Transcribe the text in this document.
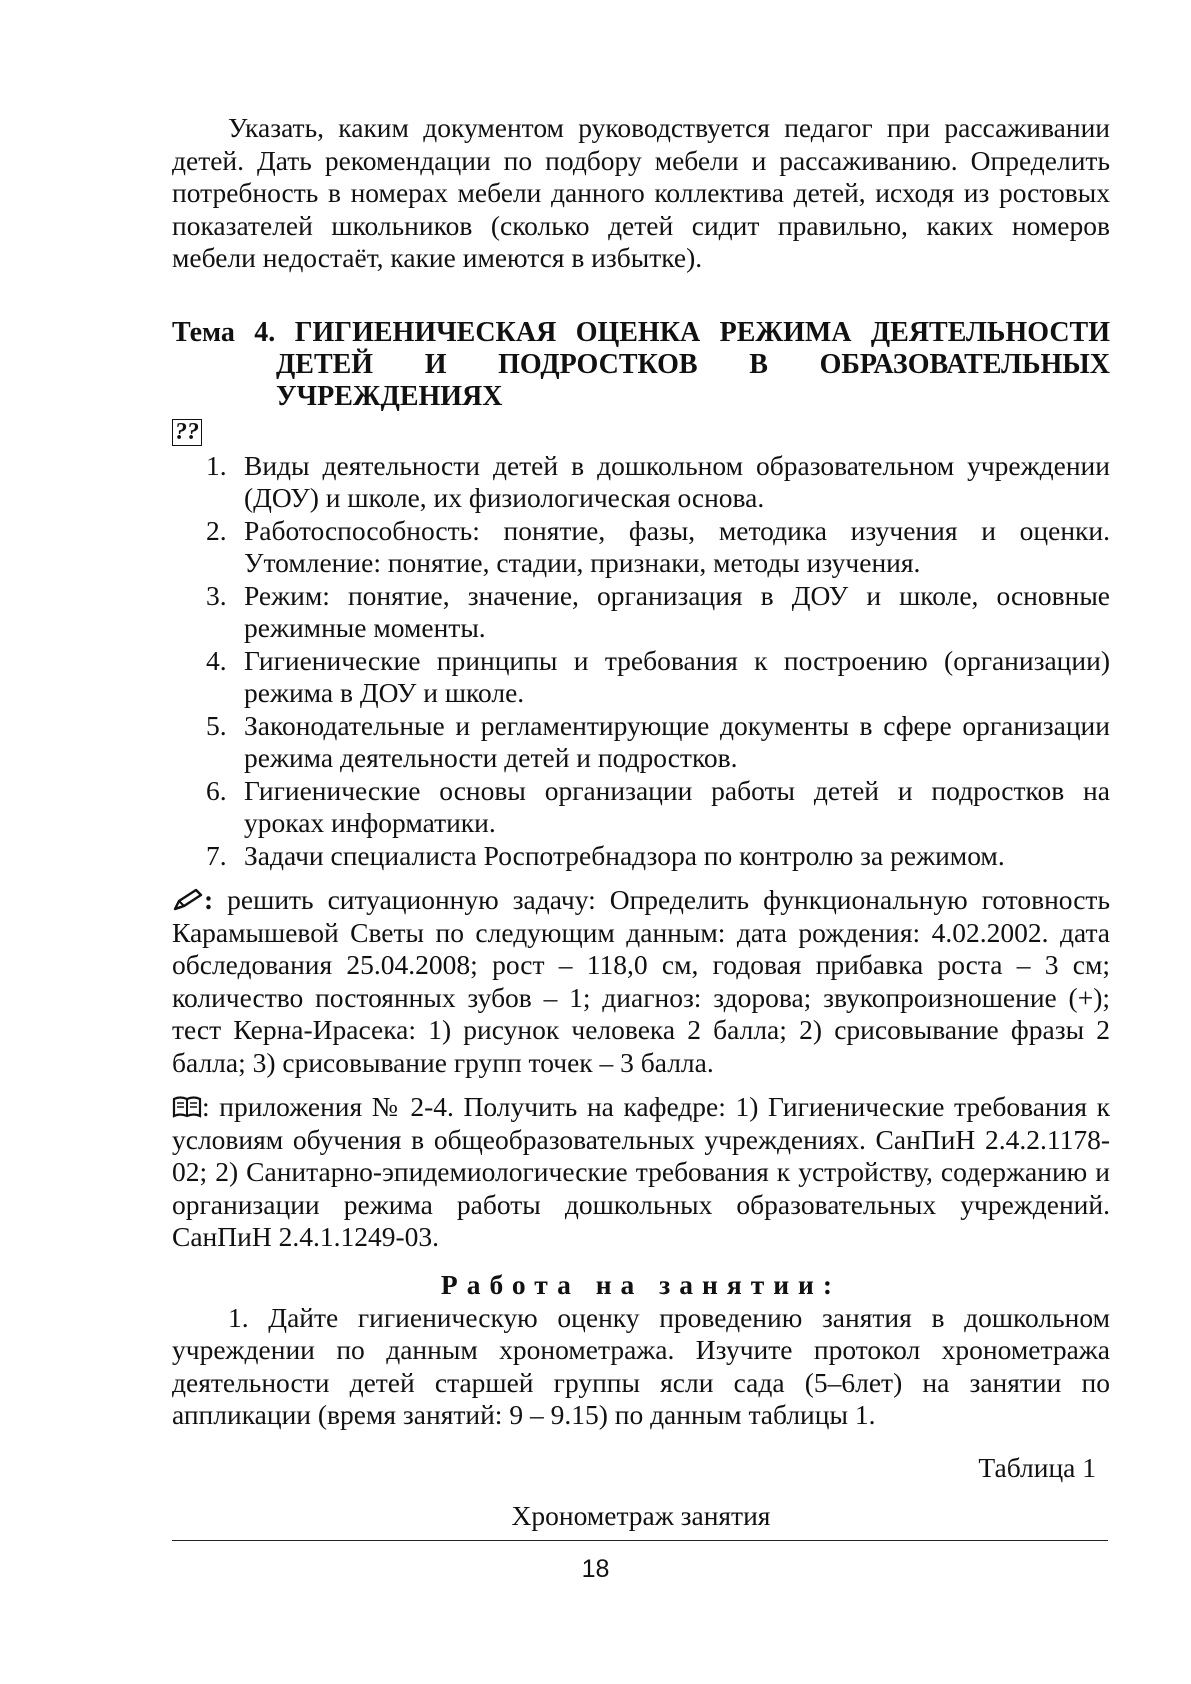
Указать, каким документом руководствуется педагог при рассаживании детей. Дать рекомендации по подбору мебели и рассаживанию. Определить потребность в номерах мебели данного коллектива детей, исходя из ростовых показателей школьников (сколько детей сидит правильно, каких номеров мебели недостаёт, какие имеются в избытке).

Тема 4. ГИГИЕНИЧЕСКАЯ ОЦЕНКА РЕЖИМА ДЕЯТЕЛЬНОСТИ ДЕТЕЙ И ПОДРОСТКОВ В ОБРАЗОВАТЕЛЬНЫХ УЧРЕЖДЕНИЯХ

??
1. Виды деятельности детей в дошкольном образовательном учреждении (ДОУ) и школе, их физиологическая основа.
2. Работоспособность: понятие, фазы, методика изучения и оценки. Утомление: понятие, стадии, признаки, методы изучения.
3. Режим: понятие, значение, организация в ДОУ и школе, основные режимные моменты.
4. Гигиенические принципы и требования к построению (организации) режима в ДОУ и школе.
5. Законодательные и регламентирующие документы в сфере организации режима деятельности детей и подростков.
6. Гигиенические основы организации работы детей и подростков на уроках информатики.
7. Задачи специалиста Роспотребнадзора по контролю за режимом.

: решить ситуационную задачу: Определить функциональную готовность Карамышевой Светы по следующим данным: дата рождения: 4.02.2002. дата обследования 25.04.2008; рост – 118,0 см, годовая прибавка роста – 3 см; количество постоянных зубов – 1; диагноз: здорова; звукопроизношение (+); тест Керна-Ирасека: 1) рисунок человека 2 балла; 2) срисовывание фразы 2 балла; 3) срисовывание групп точек – 3 балла.

: приложения № 2-4. Получить на кафедре: 1) Гигиенические требования к условиям обучения в общеобразовательных учреждениях. СанПиН 2.4.2.1178-02; 2) Санитарно-эпидемиологические требования к устройству, содержанию и организации режима работы дошкольных образовательных учреждений. СанПиН 2.4.1.1249-03.

Работа на занятии:

1. Дайте гигиеническую оценку проведению занятия в дошкольном учреждении по данным хронометража. Изучите протокол хронометража деятельности детей старшей группы ясли сада (5–6лет) на занятии по аппликации (время занятий: 9 – 9.15) по данным таблицы 1.

Таблица 1
Хронометраж занятия
18
